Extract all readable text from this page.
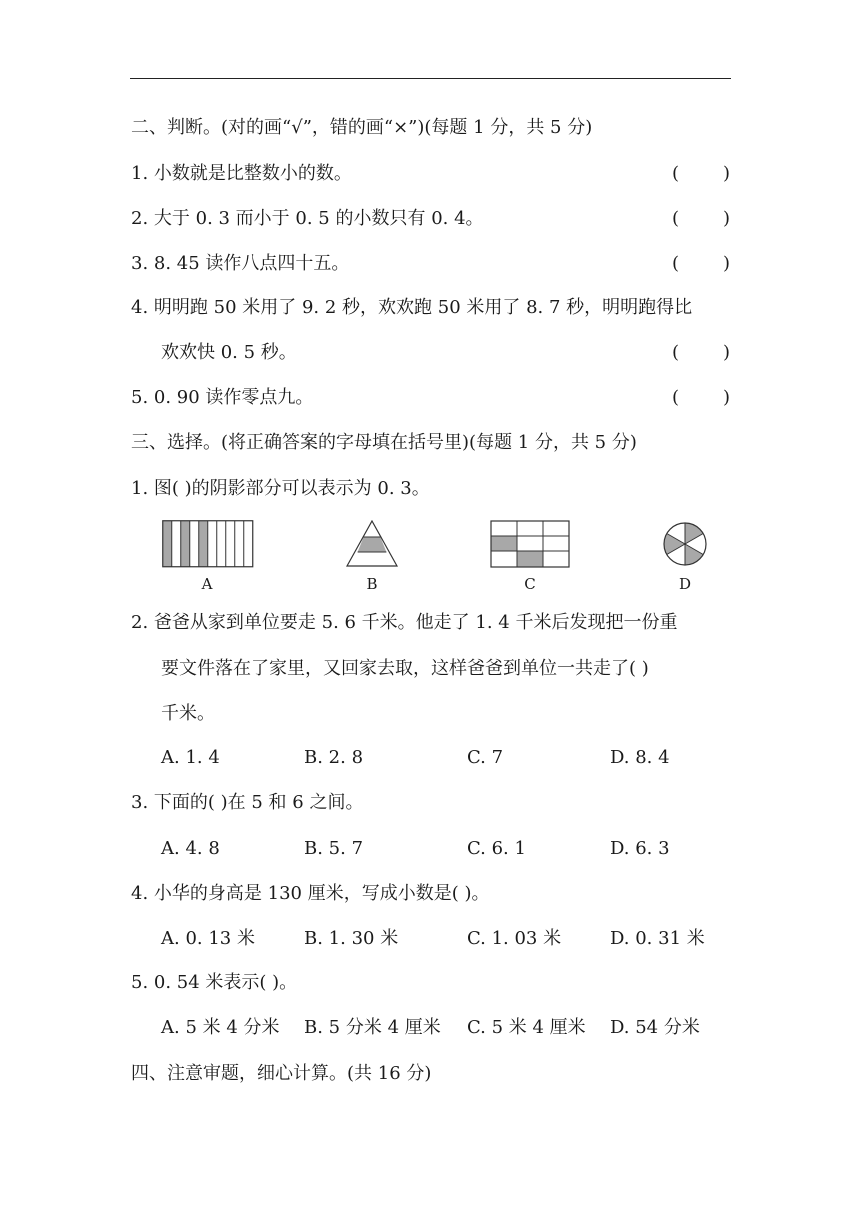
二、判断。(对的画“√”，错的画“×”)(每题 1 分，共 5 分)
1. 小数就是比整数小的数。	( )
2. 大于 0. 3 而小于 0. 5 的小数只有 0. 4。	( )
3. 8. 45 读作八点四十五。	( )
4. 明明跑 50 米用了 9. 2 秒，欢欢跑 50 米用了 8. 7 秒，明明跑得比
欢欢快 0. 5 秒。	( )
5. 0. 90 读作零点九。	( )
三、选择。(将正确答案的字母填在括号里)(每题 1 分，共 5 分)
1. 图( )的阴影部分可以表示为 0. 3。
A	B	C	D
2. 爸爸从家到单位要走 5. 6 千米。他走了 1. 4 千米后发现把一份重
要文件落在了家里，又回家去取，这样爸爸到单位一共走了( )
千米。
A. 1. 4	B. 2. 8	C. 7	D. 8. 4
3. 下面的( )在 5 和 6 之间。
A. 4. 8	B. 5. 7	C. 6. 1	D. 6. 3
4. 小华的身高是 130 厘米，写成小数是( )。
A. 0. 13 米	B. 1. 30 米	C. 1. 03 米	D. 0. 31 米
5. 0. 54 米表示( )。
A. 5 米 4 分米 B. 5 分米 4 厘米 C. 5 米 4 厘米 D. 54 分米
四、注意审题，细心计算。(共 16 分)
